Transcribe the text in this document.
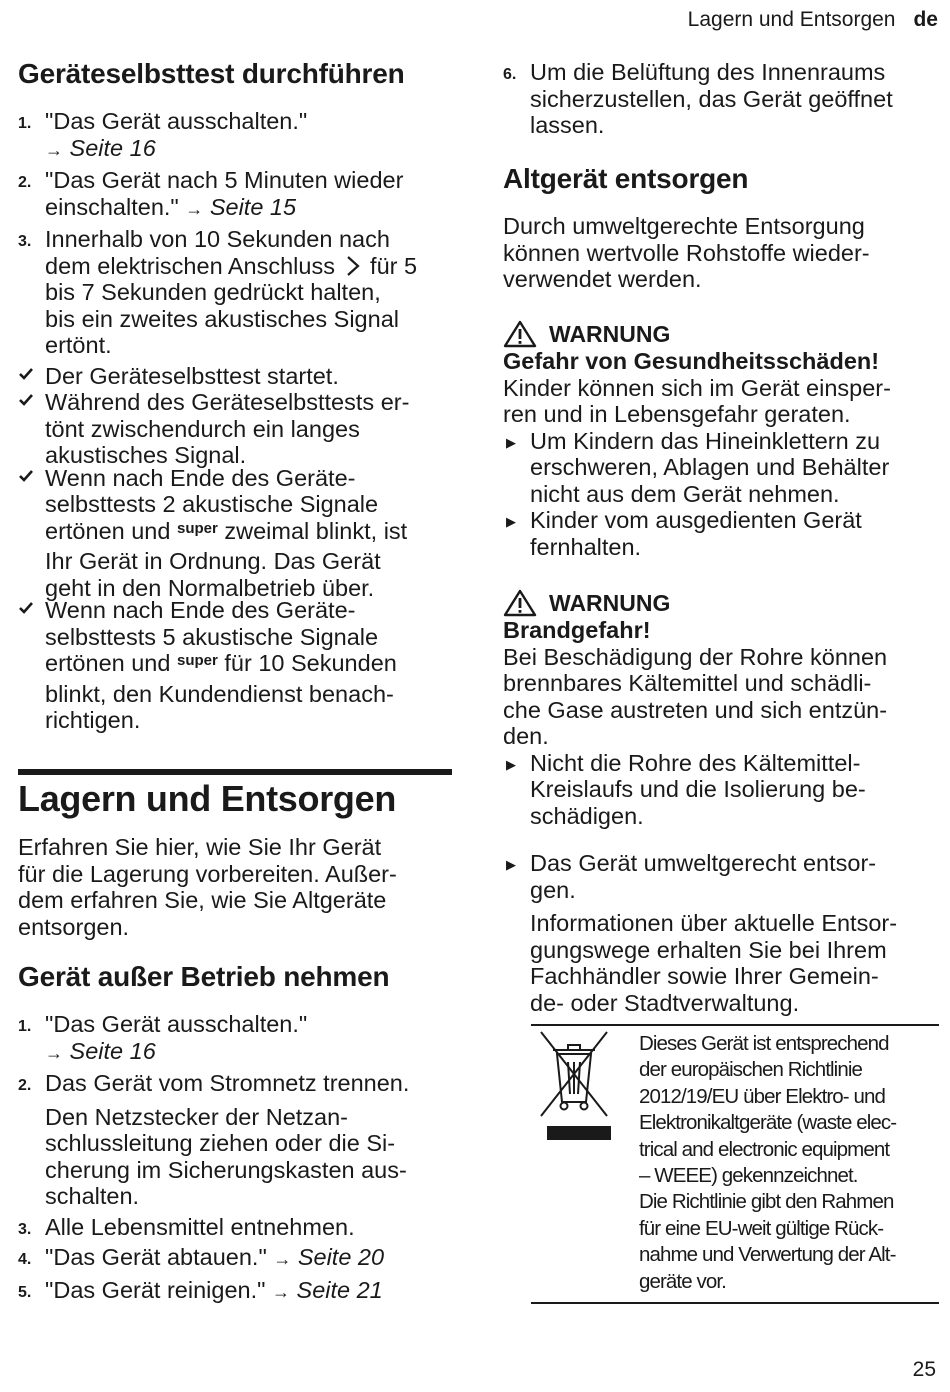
Lagern und Entsorgen de
Geräteselbsttest durchführen
1. "Das Gerät ausschalten."
→ Seite 16
2. "Das Gerät nach 5 Minuten wieder
einschalten." → Seite 15
3. Innerhalb von 10 Sekunden nach
dem elektrischen Anschluss für 5
bis 7 Sekunden gedrückt halten,
bis ein zweites akustisches Signal
ertönt.
Der Geräteselbsttest startet.
Während des Geräteselbsttests er-
tönt zwischendurch ein langes
akustisches Signal.
Wenn nach Ende des Geräte-
selbsttests 2 akustische Signale
ertönen und $^{super}$ zweimal blinkt, ist
Ihr Gerät in Ordnung. Das Gerät
geht in den Normalbetrieb über.
Wenn nach Ende des Geräte-
selbsttests 5 akustische Signale
ertönen und $^{super}$ für 10 Sekunden
blinkt, den Kundendienst benach-
richtigen.
Lagern und Entsorgen
Erfahren Sie hier, wie Sie Ihr Gerät
für die Lagerung vorbereiten. Außer-
dem erfahren Sie, wie Sie Altgeräte
entsorgen.
Gerät außer Betrieb nehmen
1. "Das Gerät ausschalten."
→ Seite 16
2. Das Gerät vom Stromnetz trennen.
Den Netzstecker der Netzan-
schlussleitung ziehen oder die Si-
cherung im Sicherungskasten aus-
schalten.
3. Alle Lebensmittel entnehmen.
4. "Das Gerät abtauen." → Seite 20
5. "Das Gerät reinigen." → Seite 21
6. Um die Belüftung des Innenraums
sicherzustellen, das Gerät geöffnet
lassen.
Altgerät entsorgen
Durch umweltgerechte Entsorgung
können wertvolle Rohstoffe wieder-
verwendet werden.
WARNUNG
Gefahr von Gesundheitsschäden!
Kinder können sich im Gerät einsper-
ren und in Lebensgefahr geraten.
▶ Um Kindern das Hineinklettern zu
erschweren, Ablagen und Behälter
nicht aus dem Gerät nehmen.
▶ Kinder vom ausgedienten Gerät
fernhalten.
WARNUNG
Brandgefahr!
Bei Beschädigung der Rohre können
brennbares Kältemittel und schädli-
che Gase austreten und sich entzün-
den.
▶ Nicht die Rohre des Kältemittel-
Kreislaufs und die Isolierung be-
schädigen.
▶ Das Gerät umweltgerecht entsor-
gen.
Informationen über aktuelle Entsor-
gungswege erhalten Sie bei Ihrem
Fachhändler sowie Ihrer Gemein-
de- oder Stadtverwaltung.
Dieses Gerät ist entsprechend
der europäischen Richtlinie
2012/19/EU über Elektro- und
Elektronikaltgeräte (waste elec-
trical and electronic equipment
– WEEE) gekennzeichnet.
Die Richtlinie gibt den Rahmen
für eine EU-weit gültige Rück-
nahme und Verwertung der Alt-
geräte vor.
25
